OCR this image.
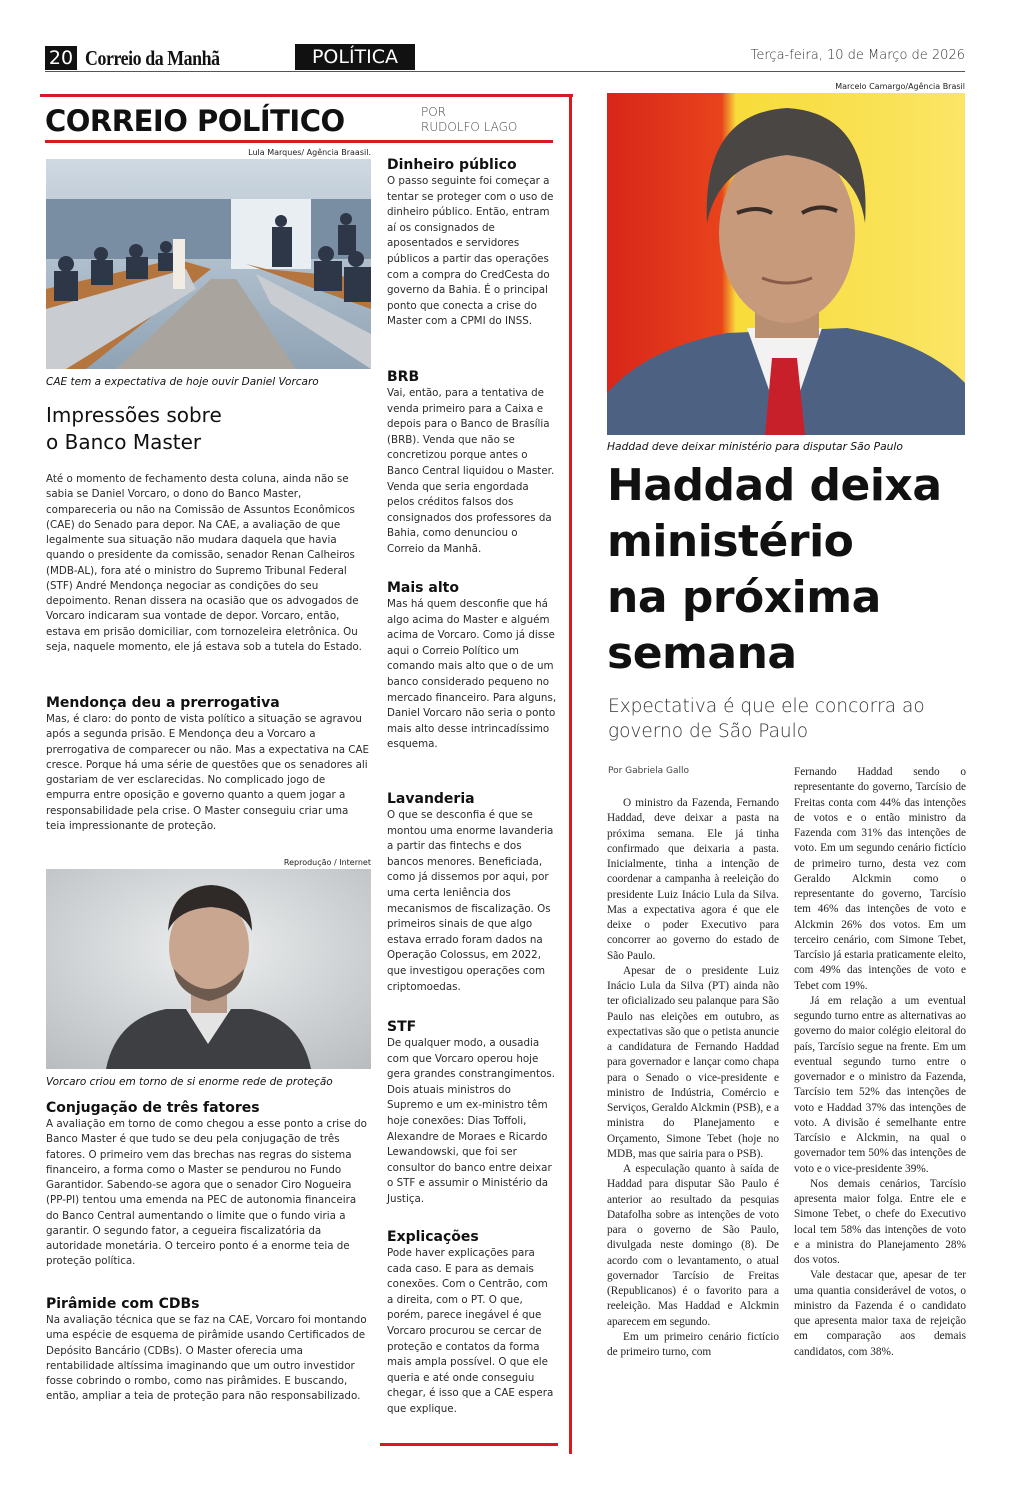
20 Correio da Manhã	POLÍTICA	Terça-feira, 10 de Março de 2026
CORREIO POLÍTICO	POR
RUDOLFO LAGO
Lula Marques/ Agência Braasil.
CAE tem a expectativa de hoje ouvir Daniel Vorcaro
Impressões sobre
o Banco Master
Até o momento de fechamento desta coluna, ainda não se sabia se Daniel Vorcaro, o dono do Banco Master, compareceria ou não na Comissão de Assuntos Econômicos (CAE) do Senado para depor. Na CAE, a avaliação de que legalmente sua situação não mudara daquela que havia quando o presidente da comissão, senador Renan Calheiros (MDB-AL), fora até o ministro do Supremo Tribunal Federal (STF) André Mendonça negociar as condições do seu depoimento. Renan dissera na ocasião que os advogados de Vorcaro indicaram sua vontade de depor. Vorcaro, então, estava em prisão domiciliar, com tornozeleira eletrônica. Ou seja, naquele momento, ele já estava sob a tutela do Estado.
Mendonça deu a prerrogativa
Mas, é claro: do ponto de vista político a situação se agravou após a segunda prisão. E Mendonça deu a Vorcaro a prerrogativa de comparecer ou não. Mas a expectativa na CAE cresce. Porque há uma série de questões que os senadores ali gostariam de ver esclarecidas. No complicado jogo de empurra entre oposição e governo quanto a quem jogar a responsabilidade pela crise. O Master conseguiu criar uma teia impressionante de proteção.
Reprodução / Internet
Vorcaro criou em torno de si enorme rede de proteção
Conjugação de três fatores
A avaliação em torno de como chegou a esse ponto a crise do Banco Master é que tudo se deu pela conjugação de três fatores. O primeiro vem das brechas nas regras do sistema financeiro, a forma como o Master se pendurou no Fundo Garantidor. Sabendo-se agora que o senador Ciro Nogueira (PP-PI) tentou uma emenda na PEC de autonomia financeira do Banco Central aumentando o limite que o fundo viria a garantir. O segundo fator, a cegueira fiscalizatória da autoridade monetária. O terceiro ponto é a enorme teia de proteção política.
Pirâmide com CDBs
Na avaliação técnica que se faz na CAE, Vorcaro foi montando uma espécie de esquema de pirâmide usando Certificados de Depósito Bancário (CDBs). O Master oferecia uma rentabilidade altíssima imaginando que um outro investidor fosse cobrindo o rombo, como nas pirâmides. E buscando, então, ampliar a teia de proteção para não responsabilizado.
Dinheiro público
O passo seguinte foi começar a tentar se proteger com o uso de dinheiro público. Então, entram aí os consignados de aposentados e servidores públicos a partir das operações com a compra do CredCesta do governo da Bahia. É o principal ponto que conecta a crise do Master com a CPMI do INSS.
BRB
Vai, então, para a tentativa de venda primeiro para a Caixa e depois para o Banco de Brasília (BRB). Venda que não se concretizou porque antes o Banco Central liquidou o Master. Venda que seria engordada pelos créditos falsos dos consignados dos professores da Bahia, como denunciou o Correio da Manhã.
Mais alto
Mas há quem desconfie que há algo acima do Master e alguém acima de Vorcaro. Como já disse aqui o Correio Político um comando mais alto que o de um banco considerado pequeno no mercado financeiro. Para alguns, Daniel Vorcaro não seria o ponto mais alto desse intrincadíssimo esquema.
Lavanderia
O que se desconfia é que se montou uma enorme lavanderia a partir das fintechs e dos bancos menores. Beneficiada, como já dissemos por aqui, por uma certa leniência dos mecanismos de fiscalização. Os primeiros sinais de que algo estava errado foram dados na Operação Colossus, em 2022, que investigou operações com criptomoedas.
STF
De qualquer modo, a ousadia com que Vorcaro operou hoje gera grandes constrangimentos. Dois atuais ministros do Supremo e um ex-ministro têm hoje conexões: Dias Toffoli, Alexandre de Moraes e Ricardo Lewandowski, que foi ser consultor do banco entre deixar o STF e assumir o Ministério da Justiça.
Explicações
Pode haver explicações para cada caso. E para as demais conexões. Com o Centrão, com a direita, com o PT. O que, porém, parece inegável é que Vorcaro procurou se cercar de proteção e contatos da forma mais ampla possível. O que ele queria e até onde conseguiu chegar, é isso que a CAE espera que explique.
Marcelo Camargo/Agência Brasil
Haddad deve deixar ministério para disputar São Paulo
Haddad deixa
ministério
na próxima
semana
Expectativa é que ele concorra ao governo de São Paulo
Por Gabriela Gallo

O ministro da Fazenda, Fernando Haddad, deve deixar a pasta na próxima semana. Ele já tinha confirmado que deixaria a pasta. Inicialmente, tinha a intenção de coordenar a campanha à reeleição do presidente Luiz Inácio Lula da Silva. Mas a expectativa agora é que ele deixe o poder Executivo para concorrer ao governo do estado de São Paulo.

Apesar de o presidente Luiz Inácio Lula da Silva (PT) ainda não ter oficializado seu palanque para São Paulo nas eleições em outubro, as expectativas são que o petista anuncie a candidatura de Fernando Haddad para governador e lançar como chapa para o Senado o vice-presidente e ministro de Indústria, Comércio e Serviços, Geraldo Alckmin (PSB), e a ministra do Planejamento e Orçamento, Simone Tebet (hoje no MDB, mas que sairia para o PSB).

A especulação quanto à saída de Haddad para disputar São Paulo é anterior ao resultado da pesquias Datafolha sobre as intenções de voto para o governo de São Paulo, divulgada neste domingo (8). De acordo com o levantamento, o atual governador Tarcísio de Freitas (Republicanos) é o favorito para a reeleição. Mas Haddad e Alckmin aparecem em segundo.

Em um primeiro cenário fictício de primeiro turno, com

Fernando Haddad sendo o representante do governo, Tarcísio de Freitas conta com 44% das intenções de votos e o então ministro da Fazenda com 31% das intenções de voto. Em um segundo cenário fictício de primeiro turno, desta vez com Geraldo Alckmin como o representante do governo, Tarcísio tem 46% das intenções de voto e Alckmin 26% dos votos. Em um terceiro cenário, com Simone Tebet, Tarcísio já estaria praticamente eleito, com 49% das intenções de voto e Tebet com 19%.

Já em relação a um eventual segundo turno entre as alternativas ao governo do maior colégio eleitoral do país, Tarcísio segue na frente. Em um eventual segundo turno entre o governador e o ministro da Fazenda, Tarcísio tem 52% das intenções de voto e Haddad 37% das intenções de voto. A divisão é semelhante entre Tarcísio e Alckmin, na qual o governador tem 50% das intenções de voto e o vice-presidente 39%.

Nos demais cenários, Tarcísio apresenta maior folga. Entre ele e Simone Tebet, o chefe do Executivo local tem 58% das intenções de voto e a ministra do Planejamento 28% dos votos.

Vale destacar que, apesar de ter uma quantia considerável de votos, o ministro da Fazenda é o candidato que apresenta maior taxa de rejeição em comparação aos demais candidatos, com 38%.
